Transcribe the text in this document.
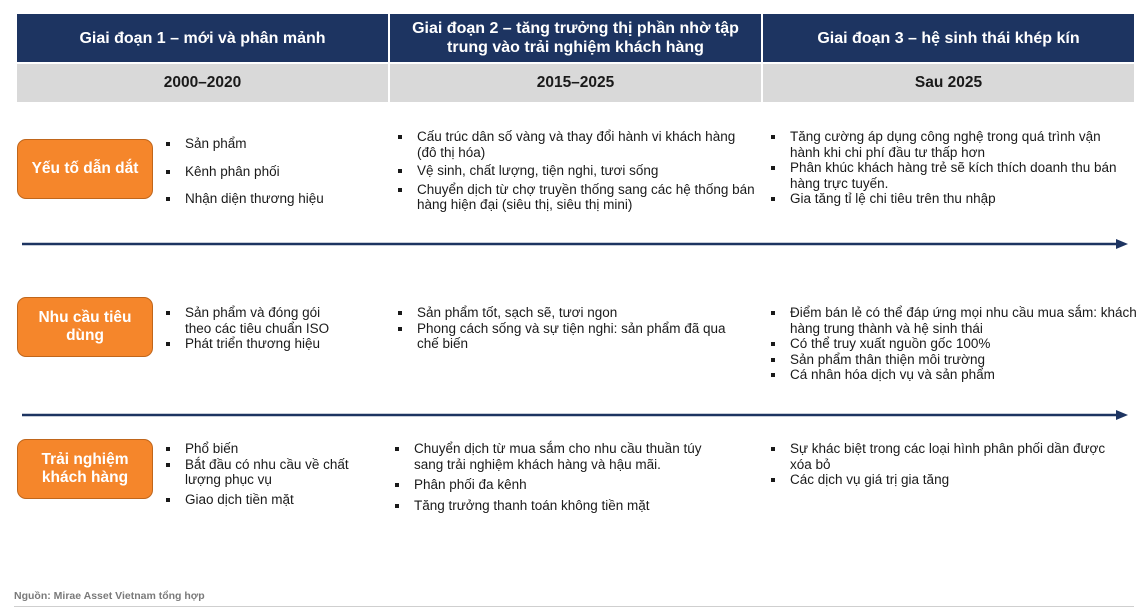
Giai đoạn 1 – mới và phân mảnh
Giai đoạn 2 – tăng trưởng thị phần nhờ tập trung vào trải nghiệm khách hàng
Giai đoạn 3 – hệ sinh thái khép kín
2000–2020	2015–2025	Sau 2025
Yếu tố dẫn dắt
Sản phẩm
Kênh phân phối
Nhận diện thương hiệu
Cấu trúc dân số vàng và thay đổi hành vi khách hàng (đô thị hóa)
Vệ sinh, chất lượng, tiện nghi, tươi sống
Chuyển dịch từ chợ truyền thống sang các hệ thống bán hàng hiện đại (siêu thị, siêu thị mini)
Tăng cường áp dụng công nghệ trong quá trình vận hành khi chi phí đầu tư thấp hơn
Phân khúc khách hàng trẻ sẽ kích thích doanh thu bán hàng trực tuyến.
Gia tăng tỉ lệ chi tiêu trên thu nhập
Nhu cầu tiêu dùng
Sản phẩm và đóng gói theo các tiêu chuẩn ISO
Phát triển thương hiệu
Sản phẩm tốt, sạch sẽ, tươi ngon
Phong cách sống và sự tiện nghi: sản phẩm đã qua chế biến
Điểm bán lẻ có thể đáp ứng mọi nhu cầu mua sắm: khách hàng trung thành và hệ sinh thái
Có thể truy xuất nguồn gốc 100%
Sản phẩm thân thiện môi trường
Cá nhân hóa dịch vụ và sản phẩm
Trải nghiệm khách hàng
Phổ biến
Bắt đầu có nhu cầu về chất lượng phục vụ
Giao dịch tiền mặt
Chuyển dịch từ mua sắm cho nhu cầu thuần túy sang trải nghiệm khách hàng và hậu mãi.
Phân phối đa kênh
Tăng trưởng thanh toán không tiền mặt
Sự khác biệt trong các loại hình phân phối dần được xóa bỏ
Các dịch vụ giá trị gia tăng
Nguồn: Mirae Asset Vietnam tổng hợp
